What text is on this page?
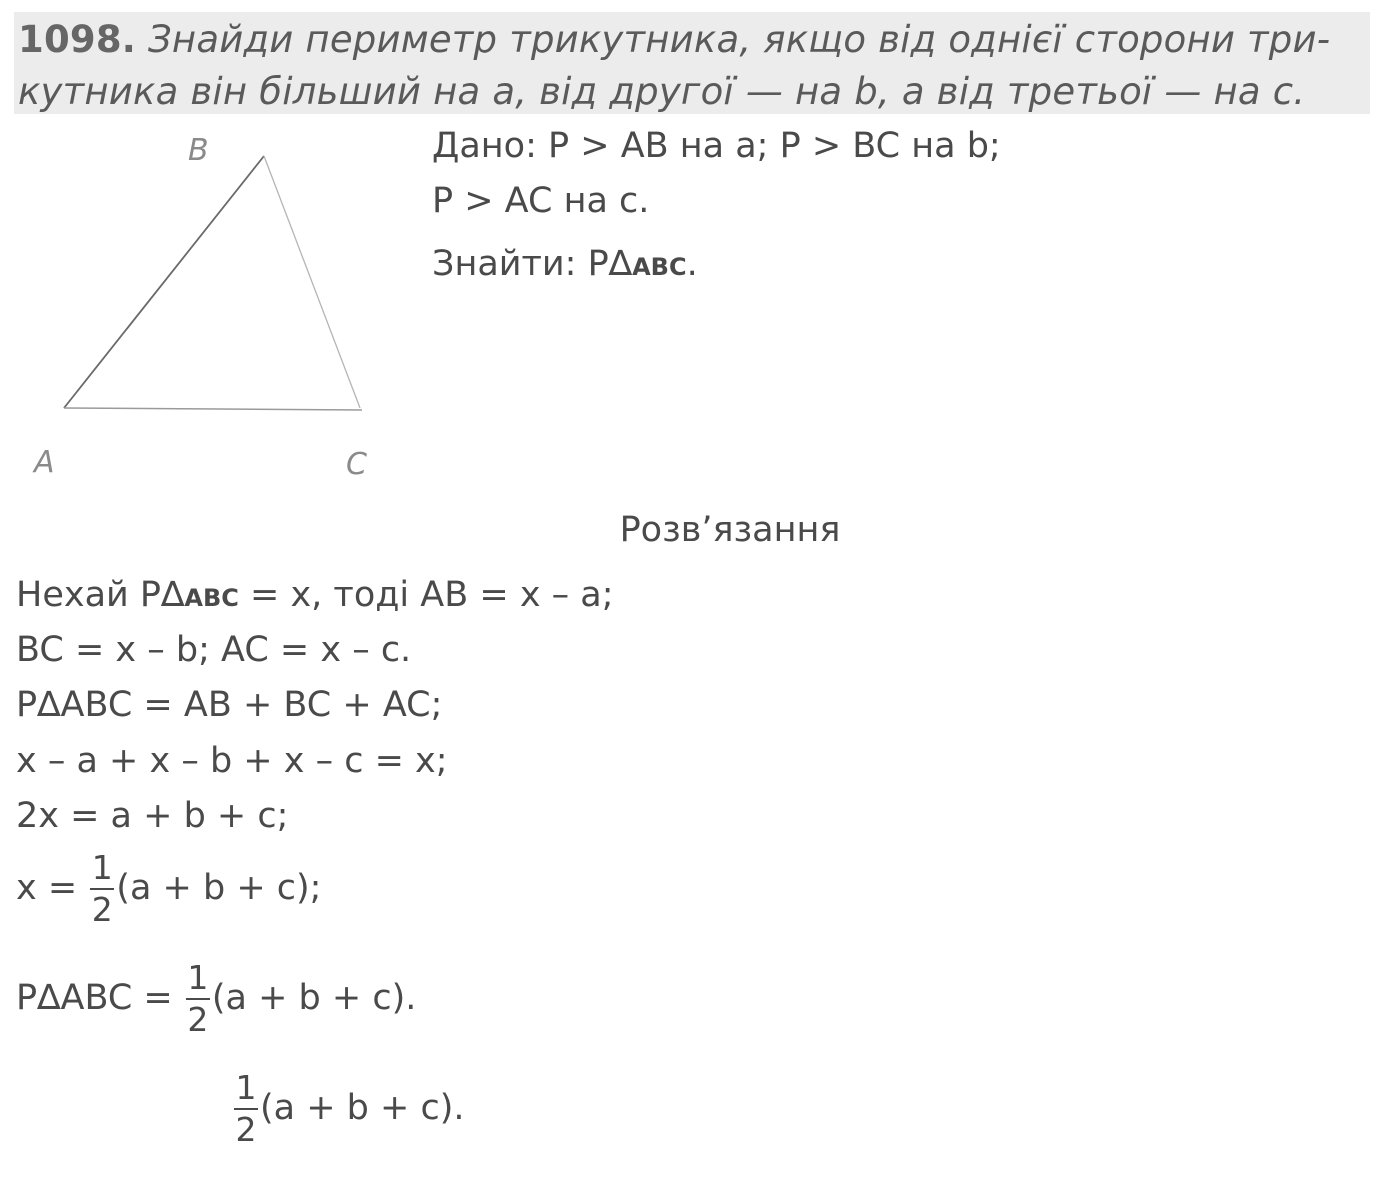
1098. Знайди периметр трикутника, якщо від однієї сторони три-
кутника він більший на a, від другої — на b, а від третьої — на c.
B
A	C
Дано: P > AB на a; P > BC на b;
P > AC на c.
Знайти: P∆ABC.
Розв’язання
Нехай P∆ABC = x, тоді AB = x – a;
BC = x – b; AC = x – c.
P∆ABC = AB + BC + AC;
x – a + x – b + x – c = x;
2x = a + b + c;
$x = \frac{1}{2} (a + b + c)$;
$P\Delta ABC = \frac{1}{2} (a + b + c)$.
$\frac{1}{2} (a + b + c)$.
